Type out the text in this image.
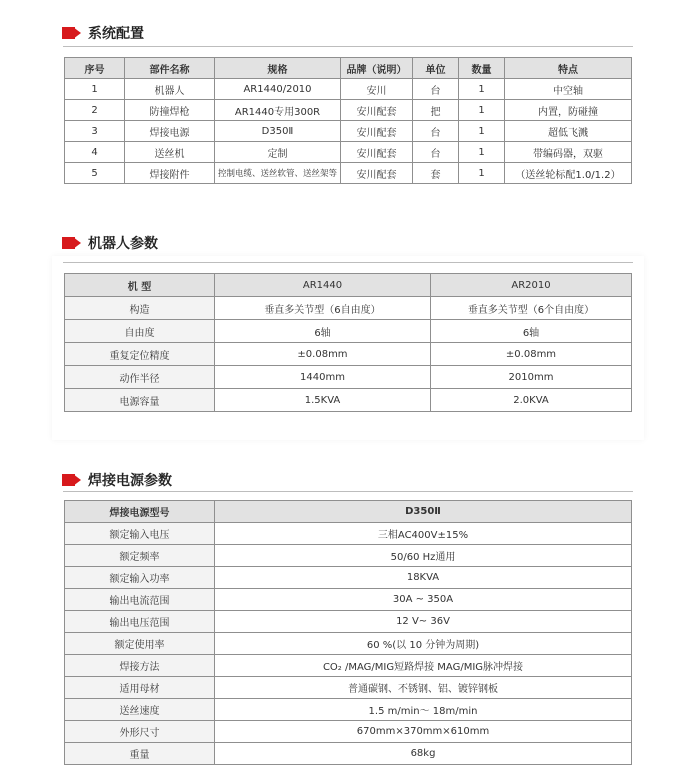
系统配置
序号	部件名称	规格	品牌（说明）	单位	数量	特点
1	机器人	AR1440/2010	安川	台	1	中空轴
2	防撞焊枪	AR1440专用300R	安川配套	把	1	内置，防碰撞
3	焊接电源	D350Ⅱ	安川配套	台	1	超低飞溅
4	送丝机	定制	安川配套	台	1	带编码器，双驱
5	焊接附件	控制电缆、送丝软管、送丝架等	安川配套	套	1	（送丝轮标配1.0/1.2）
机器人参数
机 型	AR1440	AR2010
构造	垂直多关节型（6自由度）	垂直多关节型（6个自由度）
自由度	6轴	6轴
重复定位精度	±0.08mm	±0.08mm
动作半径	1440mm	2010mm
电源容量	1.5KVA	2.0KVA
焊接电源参数
焊接电源型号	D350Ⅱ
额定输入电压	三相AC400V±15%
额定频率	50/60 Hz通用
额定输入功率	18KVA
输出电流范围	30A ~ 350A
输出电压范围	12 V~ 36V
额定使用率	60 %(以 10 分钟为周期)
焊接方法	CO₂ /MAG/MIG短路焊接 MAG/MIG脉冲焊接
适用母材	普通碳钢、不锈钢、铝、镀锌钢板
送丝速度	1.5 m/min～ 18m/min
外形尺寸	670mm×370mm×610mm
重量	68kg
